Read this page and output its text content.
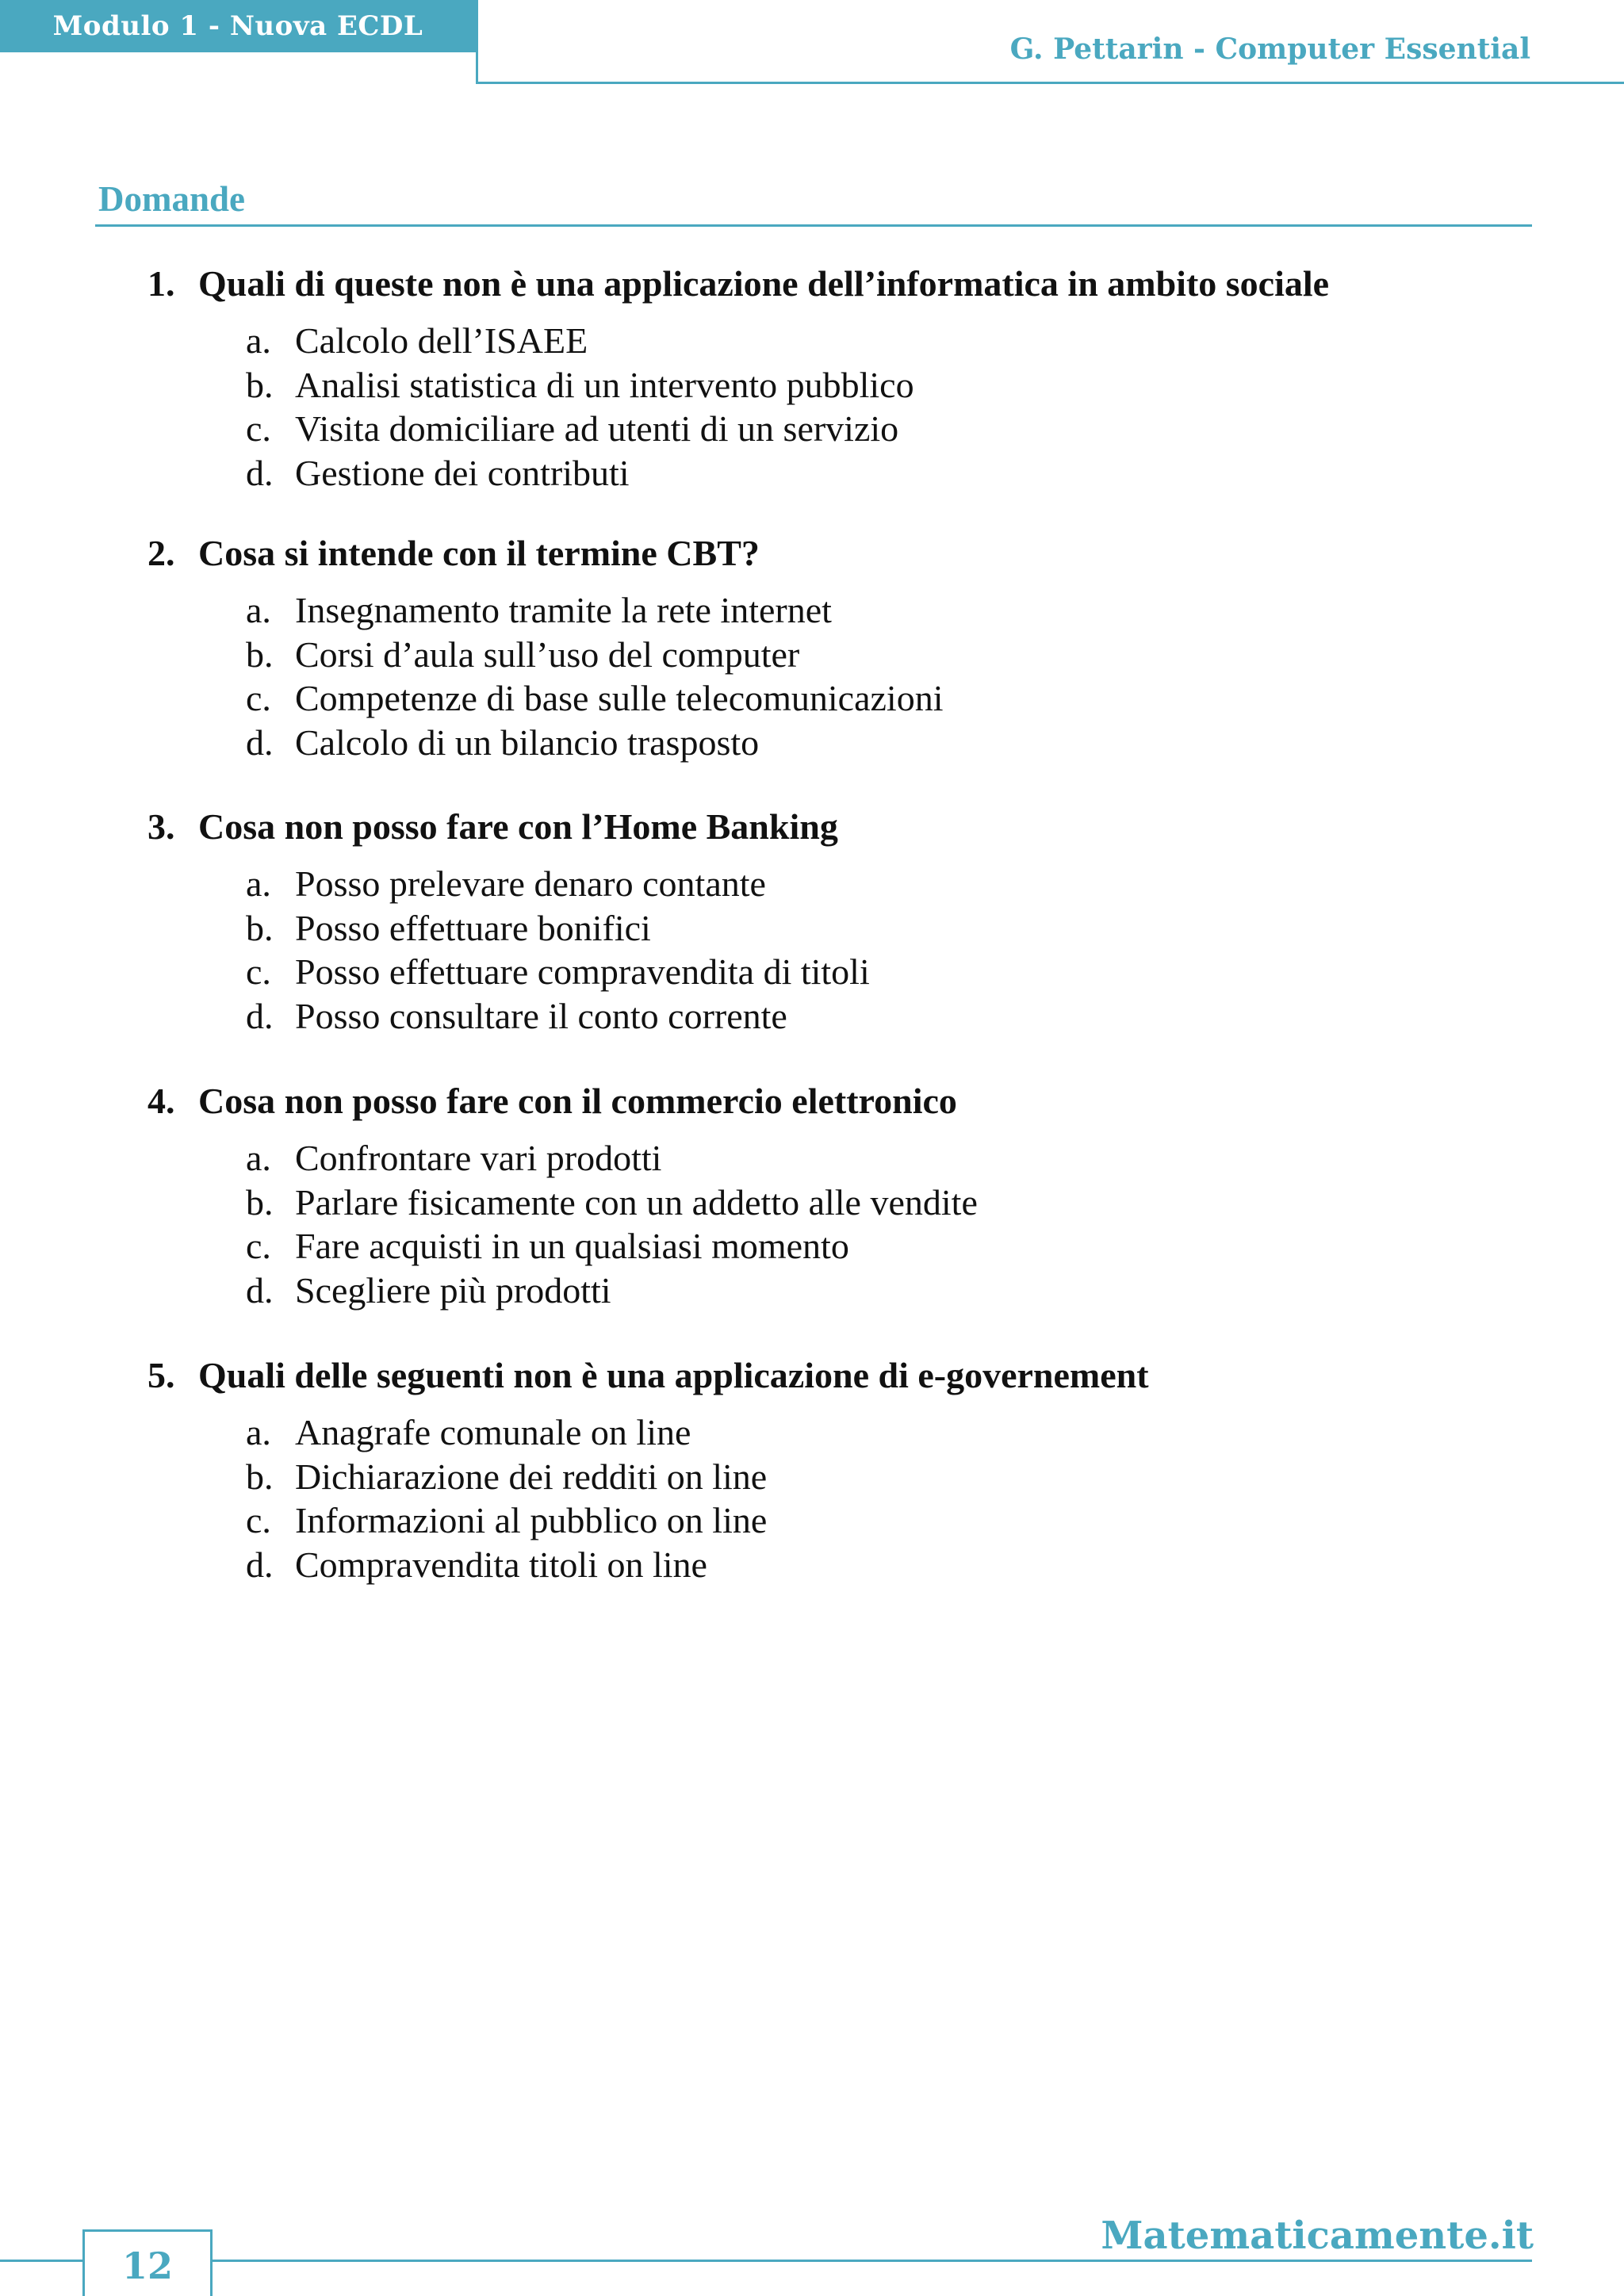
Modulo 1 - Nuova ECDL
G. Pettarin - Computer Essential
Domande

1. Quali di queste non è una applicazione dell’informatica in ambito sociale

a. Calcolo dell’ISAEE
b. Analisi statistica di un intervento pubblico
c. Visita domiciliare ad utenti di un servizio
d. Gestione dei contributi

2. Cosa si intende con il termine CBT?

a. Insegnamento tramite la rete internet
b. Corsi d’aula sull’uso del computer
c. Competenze di base sulle telecomunicazioni
d. Calcolo di un bilancio trasposto

3. Cosa non posso fare con l’Home Banking

a. Posso prelevare denaro contante
b. Posso effettuare bonifici
c. Posso effettuare compravendita di titoli
d. Posso consultare il conto corrente

4. Cosa non posso fare con il commercio elettronico

a. Confrontare vari prodotti
b. Parlare fisicamente con un addetto alle vendite
c. Fare acquisti in un qualsiasi momento
d. Scegliere più prodotti

5. Quali delle seguenti non è una applicazione di e-governement

a. Anagrafe comunale on line
b. Dichiarazione dei redditi on line
c. Informazioni al pubblico on line
d. Compravendita titoli on line
Matematicamente.it
12
